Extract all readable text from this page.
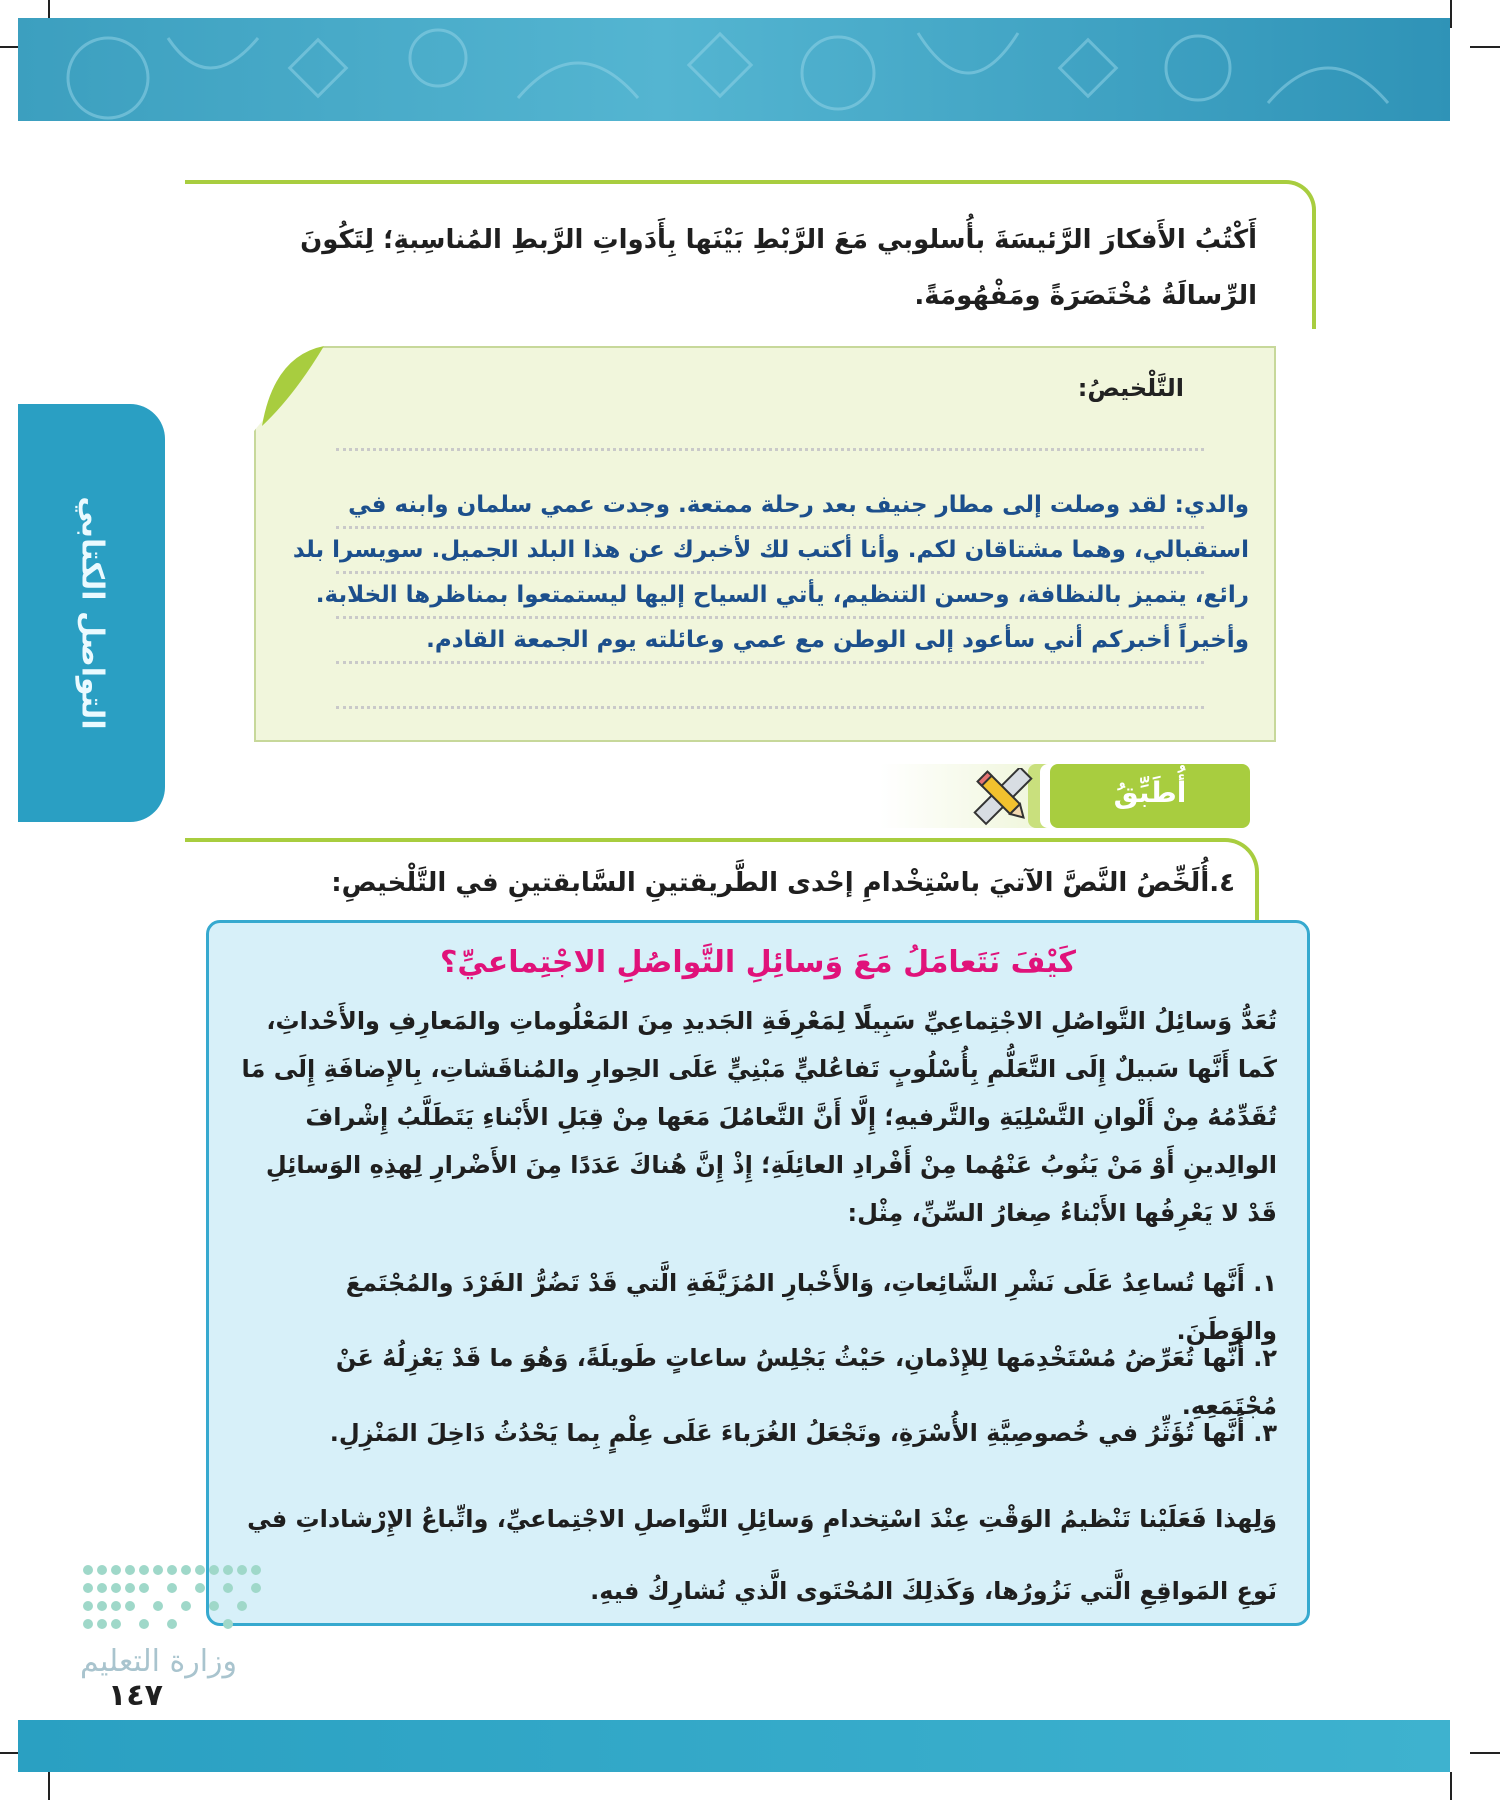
أَكْتُبُ الأَفكارَ الرَّئيسَةَ بأُسلوبي مَعَ الرَّبْطِ بَيْنَها بِأَدَواتِ الرَّبطِ المُناسِبةِ؛ لِتَكُونَ الرِّسالَةُ مُخْتَصَرَةً ومَفْهُومَةً.
التَّلْخيصُ:
والدي: لقد وصلت إلى مطار جنيف بعد رحلة ممتعة. وجدت عمي سلمان وابنه في استقبالي، وهما مشتاقان لكم. وأنا أكتب لك لأخبرك عن هذا البلد الجميل. سويسرا بلد رائع، يتميز بالنظافة، وحسن التنظيم، يأتي السياح إليها ليستمتعوا بمناظرها الخلابة. وأخيراً أخبركم أني سأعود إلى الوطن مع عمي وعائلته يوم الجمعة القادم.
التواصل الكتابي
أُطَبِّقُ
٤.أُلَخِّصُ النَّصَّ الآتيَ باسْتِخْدامِ إحْدى الطَّريقتينِ السَّابقتينِ في التَّلْخيصِ:
كَيْفَ نَتَعامَلُ مَعَ وَسائِلِ التَّواصُلِ الاجْتِماعيِّ؟
تُعَدُّ وَسائِلُ التَّواصُلِ الاجْتِماعِيِّ سَبِيلًا لِمَعْرِفَةِ الجَديدِ مِنَ المَعْلُوماتِ والمَعارِفِ والأَحْداثِ، كَما أَنَّها سَبيلٌ إِلَى التَّعَلُّمِ بِأُسْلُوبٍ تَفاعُليٍّ مَبْنِيٍّ عَلَى الحِوارِ والمُناقَشاتِ، بِالإِضافَةِ إِلَى مَا تُقَدِّمُهُ مِنْ أَلْوانِ التَّسْلِيَةِ والتَّرفيهِ؛ إِلَّا أَنَّ التَّعامُلَ مَعَها مِنْ قِبَلِ الأَبْناءِ يَتَطَلَّبُ إِشْرافَ الوالِدينِ أَوْ مَنْ يَنُوبُ عَنْهُما مِنْ أَفْرادِ العائِلَةِ؛ إِذْ إِنَّ هُناكَ عَدَدًا مِنَ الأَضْرارِ لِهذِهِ الوَسائِلِ قَدْ لا يَعْرِفُها الأَبْناءُ صِغارُ السِّنِّ، مِثْل:
١. أَنَّها تُساعِدُ عَلَى نَشْرِ الشَّائِعاتِ، وَالأَخْبارِ المُزَيَّفَةِ الَّتي قَدْ تَضُرُّ الفَرْدَ والمُجْتَمعَ والوَطَنَ.
٢. أَنَّها تُعَرِّضُ مُسْتَخْدِمَها لِلإِدْمانِ، حَيْثُ يَجْلِسُ ساعاتٍ طَويلَةً، وَهُوَ ما قَدْ يَعْزِلُهُ عَنْ مُجْتَمَعِهِ.
٣. أَنَّها تُؤَثِّرُ في خُصوصِيَّةِ الأُسْرَةِ، وتَجْعَلُ الغُرَباءَ عَلَى عِلْمٍ بِما يَحْدُثُ دَاخِلَ المَنْزِلِ.
وَلِهذا فَعَلَيْنا تَنْظيمُ الوَقْتِ عِنْدَ اسْتِخدامِ وَسائِلِ التَّواصلِ الاجْتِماعيِّ، واتِّباعُ الإِرْشاداتِ في نَوعِ المَواقِعِ الَّتي نَزُورُها، وَكَذلِكَ المُحْتَوى الَّذي نُشارِكُ فيهِ.
وزارة التعليم
١٤٧
